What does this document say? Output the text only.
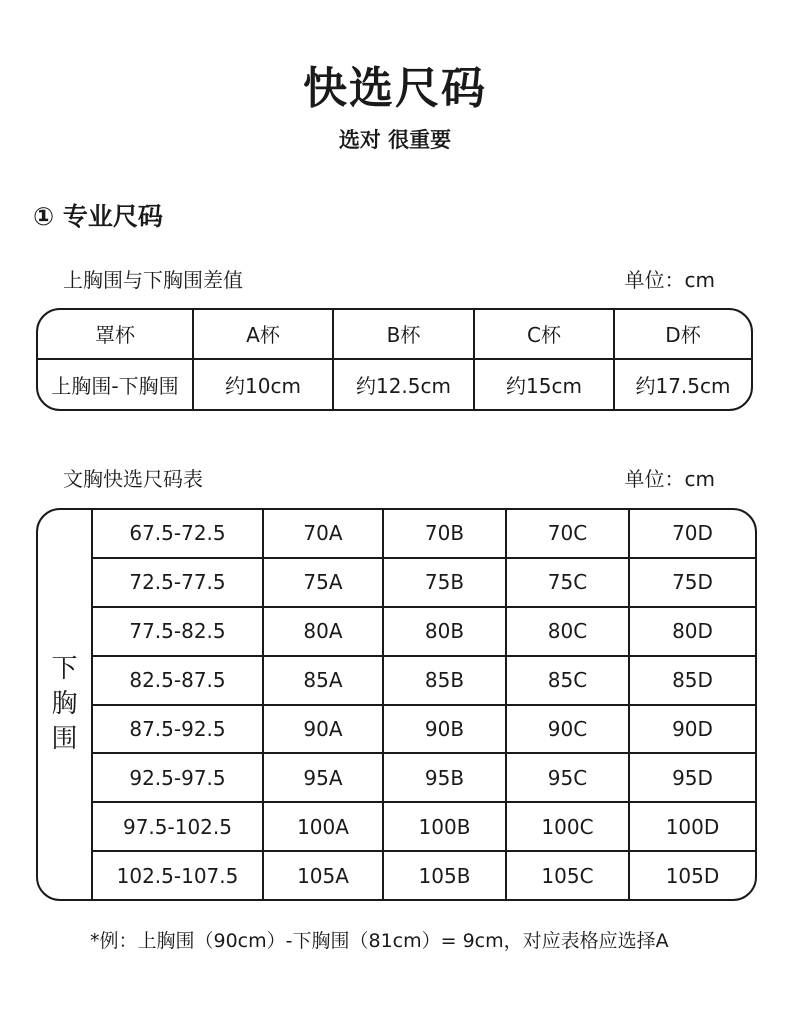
快选尺码
选对 很重要
① 专业尺码
上胸围与下胸围差值	单位：cm
罩杯	A杯	B杯	C杯	D杯
上胸围-下胸围	约10cm	约12.5cm	约15cm	约17.5cm
文胸快选尺码表	单位：cm
下
胸
围
67.5-72.5	70A	70B	70C	70D
72.5-77.5	75A	75B	75C	75D
77.5-82.5	80A	80B	80C	80D
82.5-87.5	85A	85B	85C	85D
87.5-92.5	90A	90B	90C	90D
92.5-97.5	95A	95B	95C	95D
97.5-102.5	100A	100B	100C	100D
102.5-107.5	105A	105B	105C	105D
*例：上胸围（90cm）-下胸围（81cm）= 9cm，对应表格应选择A
